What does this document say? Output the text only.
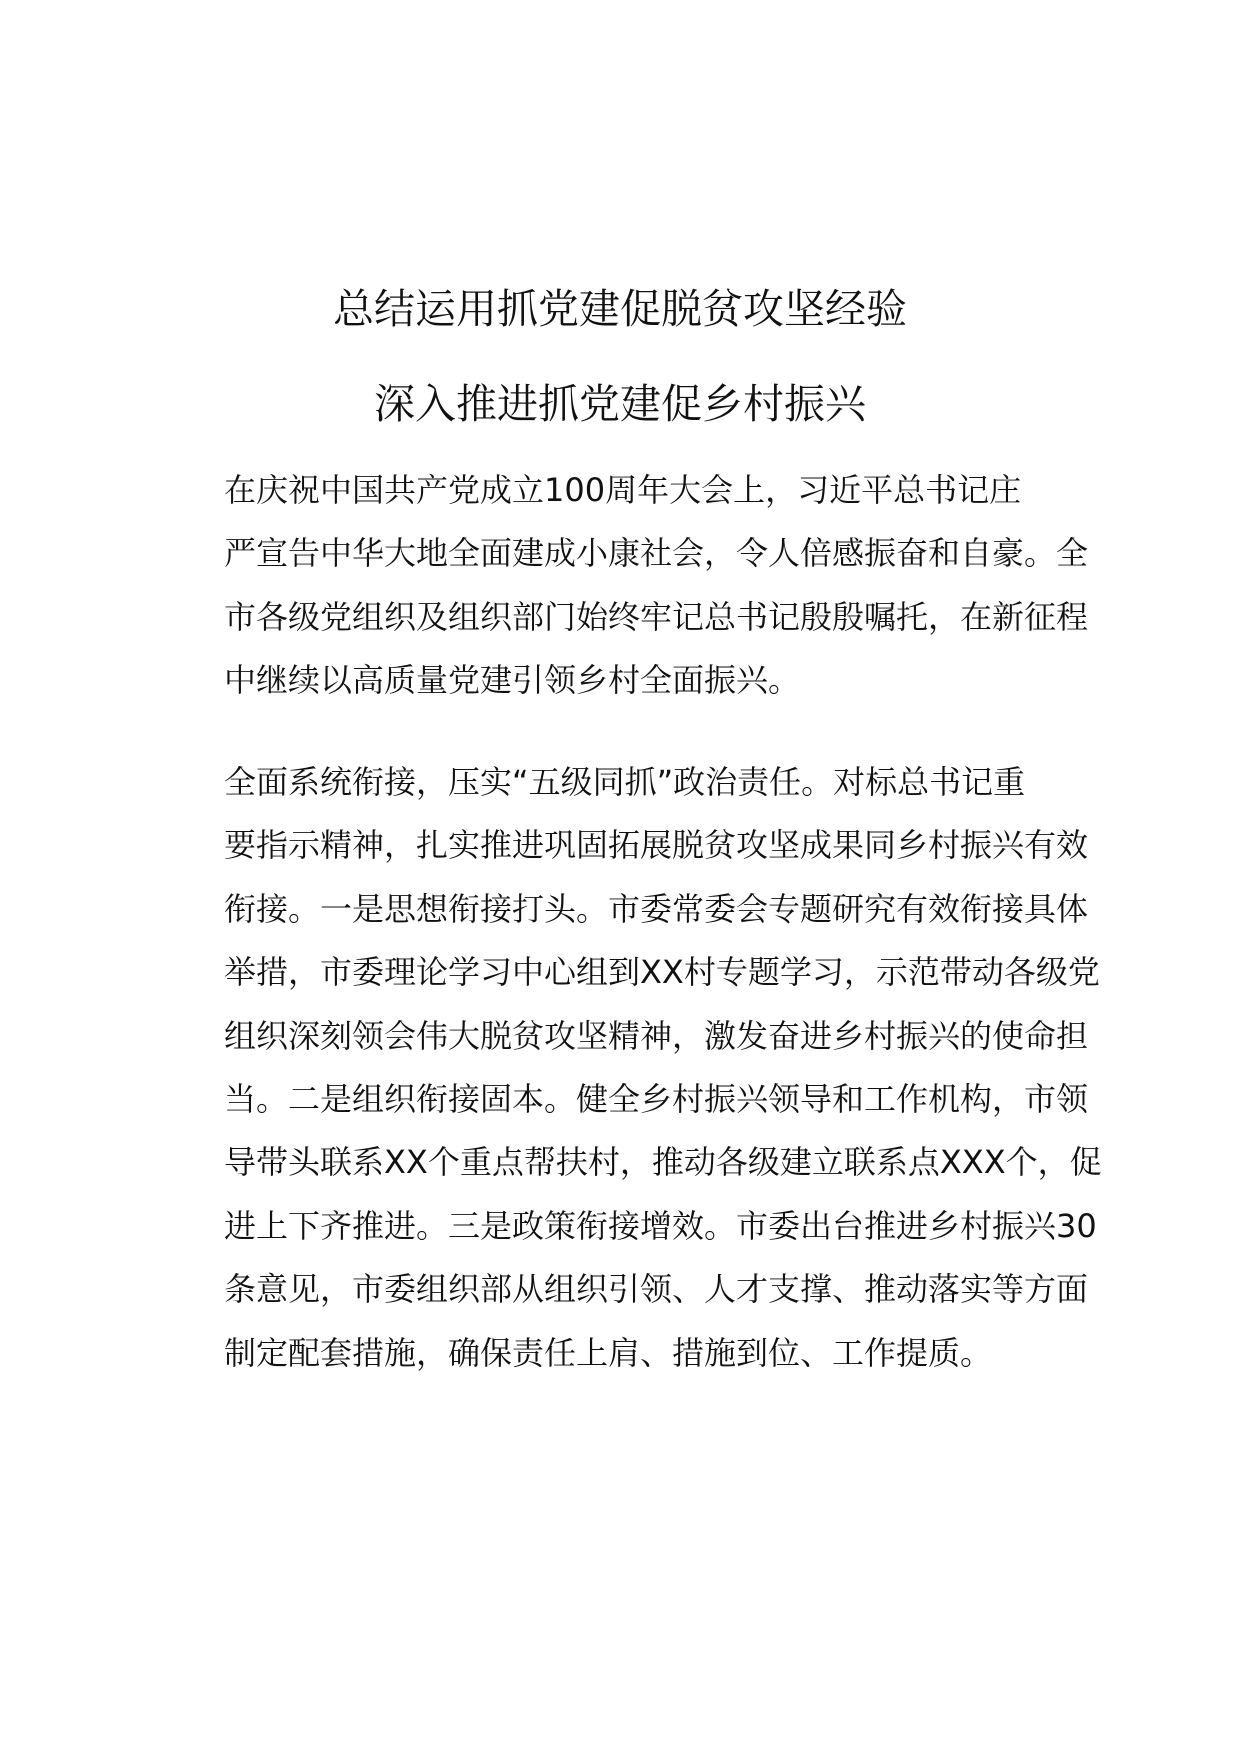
总结运用抓党建促脱贫攻坚经验
深入推进抓党建促乡村振兴

在庆祝中国共产党成立100周年大会上，习近平总书记庄
严宣告中华大地全面建成小康社会，令人倍感振奋和自豪。全
市各级党组织及组织部门始终牢记总书记殷殷嘱托，在新征程
中继续以高质量党建引领乡村全面振兴。

全面系统衔接，压实“五级同抓”政治责任。对标总书记重
要指示精神，扎实推进巩固拓展脱贫攻坚成果同乡村振兴有效
衔接。一是思想衔接打头。市委常委会专题研究有效衔接具体
举措，市委理论学习中心组到XX村专题学习，示范带动各级党
组织深刻领会伟大脱贫攻坚精神，激发奋进乡村振兴的使命担
当。二是组织衔接固本。健全乡村振兴领导和工作机构，市领
导带头联系XX个重点帮扶村，推动各级建立联系点XXX个，促
进上下齐推进。三是政策衔接增效。市委出台推进乡村振兴30
条意见，市委组织部从组织引领、人才支撑、推动落实等方面
制定配套措施，确保责任上肩、措施到位、工作提质。
